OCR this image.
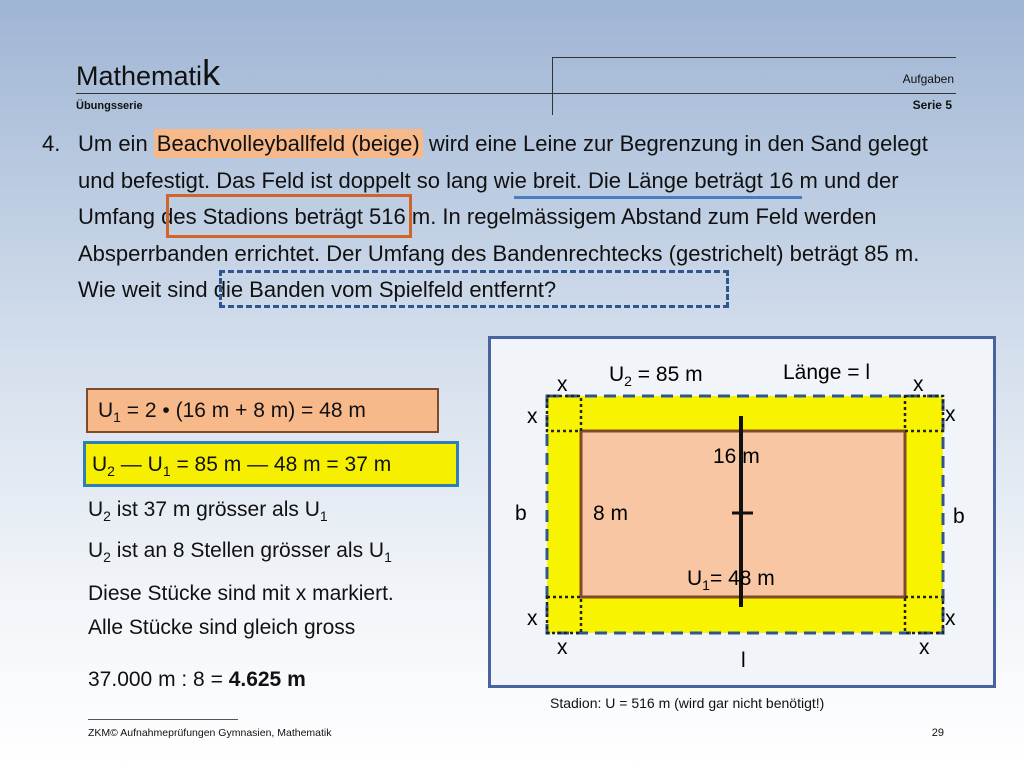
Mathematik
Übungsserie
Aufgaben
Serie 5
4. Um ein Beachvolleyballfeld (beige) wird eine Leine zur Begrenzung in den Sand gelegt und befestigt. Das Feld ist doppelt so lang wie breit. Die Länge beträgt 16 m und der Umfang des Stadions beträgt 516 m. In regelmässigem Abstand zum Feld werden Absperrbanden errichtet. Der Umfang des Bandenrechtecks (gestrichelt) beträgt 85 m. Wie weit sind die Banden vom Spielfeld entfernt?
$U_1 = 2$ • (16 m + 8 m) = 48 m
$U_2$ — $U_1 = 85$ m — 48 m = 37 m
$U_2$ ist 37 m grösser als $U_1$
$U_2$ ist an 8 Stellen grösser als $U_1$
Diese Stücke sind mit x markiert.
Alle Stücke sind gleich gross
37.000 m : 8 = 4.625 m
x $U_2 = 85$ m	Länge = l
x
x	x
16 m
b	8 m	b
$U_1= 48$ m
x	x
x	x
l
Stadion: U = 516 m (wird gar nicht benötigt!)
ZKM© Aufnahmeprüfungen Gymnasien, Mathematik	29
